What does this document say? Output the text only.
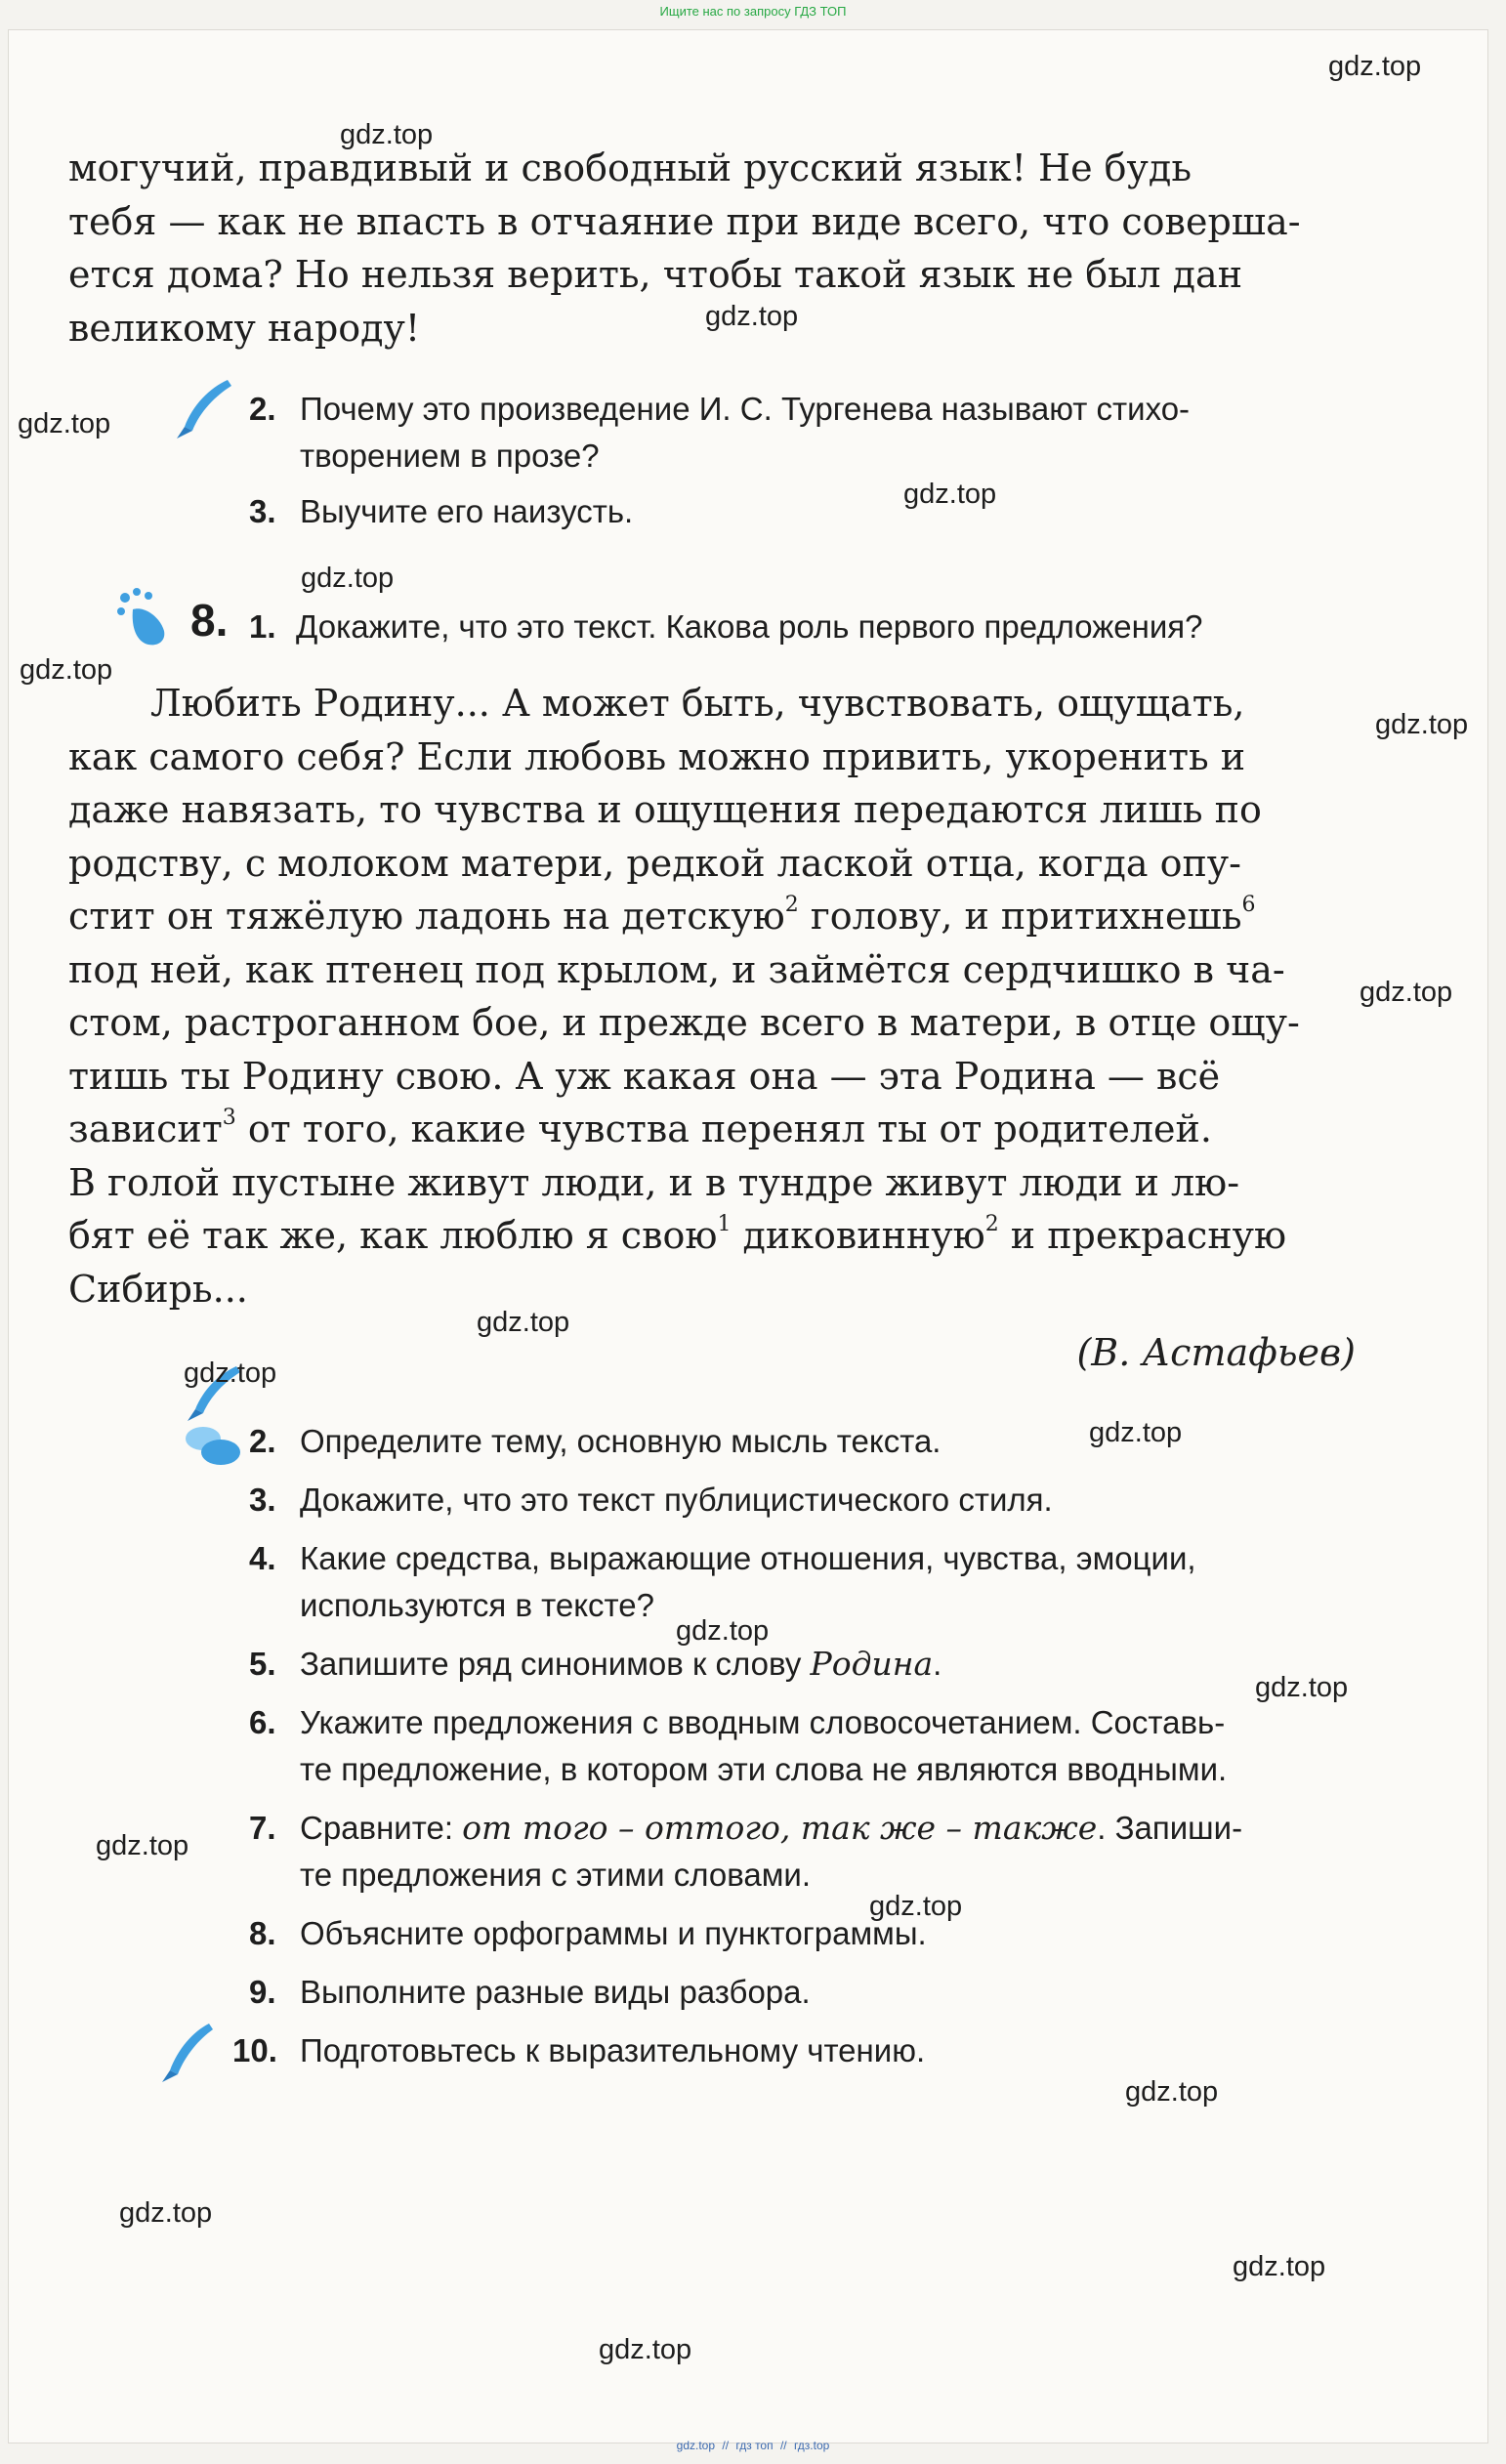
Ищите нас по запросу ГДЗ ТОП

могучий, правдивый и свободный русский язык! Не будь

тебя — как не впасть в отчаяние при виде всего, что соверша-

ется дома? Но нельзя верить, чтобы такой язык не был дан

великому народу!

2. Почему это произведение И. С. Тургенева называют стихо-
творением в прозе?
3. Выучите его наизусть.
8. 1. Докажите, что это текст. Какова роль первого предложения?

Любить Родину... А может быть, чувствовать, ощущать,

как самого себя? Если любовь можно привить, укоренить и

даже навязать, то чувства и ощущения передаются лишь по

родству, с молоком матери, редкой лаской отца, когда опу-

стит он тяжёлую ладонь на детскую$^2$ голову, и притихнешь$^6$

под ней, как птенец под крылом, и займётся сердчишко в ча-

стом, растроганном бое, и прежде всего в матери, в отце ощу-

тишь ты Родину свою. А уж какая она — эта Родина — всё

зависит$^3$ от того, какие чувства перенял ты от родителей.

В голой пустыне живут люди, и в тундре живут люди и лю-

бят её так же, как люблю я свою$^1$ диковинную$^2$ и прекрасную

Сибирь...

(В. Астафьев)
2. Определите тему, основную мысль текста.
3. Докажите, что это текст публицистического стиля.
4. Какие средства, выражающие отношения, чувства, эмоции,
используются в тексте?
5. Запишите ряд синонимов к слову Родина.
6. Укажите предложения с вводным словосочетанием. Составь-
те предложение, в котором эти слова не являются вводными.
7. Сравните: от того – оттого, так же – также. Запиши-
те предложения с этими словами.
8. Объясните орфограммы и пунктограммы.
9. Выполните разные виды разбора.
10. Подготовьтесь к выразительному чтению.
gdz.top
gdz.top
gdz.top
gdz.top
gdz.top
gdz.top
gdz.top
gdz.top
gdz.top
gdz.top
gdz.top
gdz.top
gdz.top
gdz.top
gdz.top
gdz.top
gdz.top
gdz.top
gdz.top
gdz.top
gdz.top // гдз топ // гдз.top
